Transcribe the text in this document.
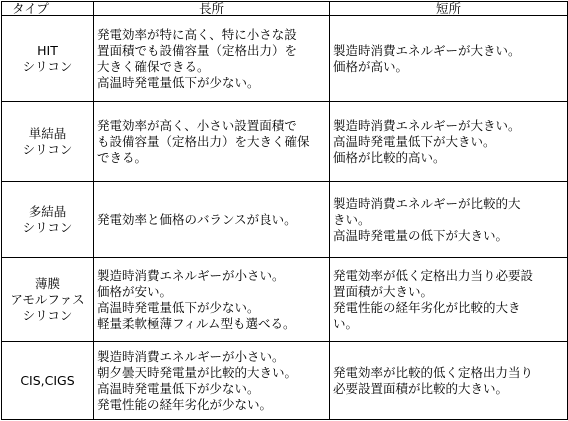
タイプ	長所	短所

HIT
シリコン	発電効率が特に高く、特に小さな設
置面積でも設備容量（定格出力）を
大きく確保できる。
高温時発電量低下が少ない。	製造時消費エネルギーが大きい。
価格が高い。

単結晶
シリコン	発電効率が高く、小さい設置面積で
も設備容量（定格出力）を大きく確保
できる。	製造時消費エネルギーが大きい。
高温時発電量低下が大きい。
価格が比較的高い。

多結晶
シリコン	発電効率と価格のバランスが良い。	製造時消費エネルギーが比較的大
きい。
高温時発電量の低下が大きい。

薄膜
アモルファス
シリコン	製造時消費エネルギーが小さい。
価格が安い。
高温時発電量低下が少ない。
軽量柔軟極薄フィルム型も選べる。	発電効率が低く定格出力当り必要設
置面積が大きい。
発電性能の経年劣化が比較的大き
い。

CIS,CIGS	製造時消費エネルギーが小さい。
朝夕曇天時発電量が比較的大きい。
高温時発電量低下が少ない。
発電性能の経年劣化が少ない。	発電効率が比較的低く定格出力当り
必要設置面積が比較的大きい。
